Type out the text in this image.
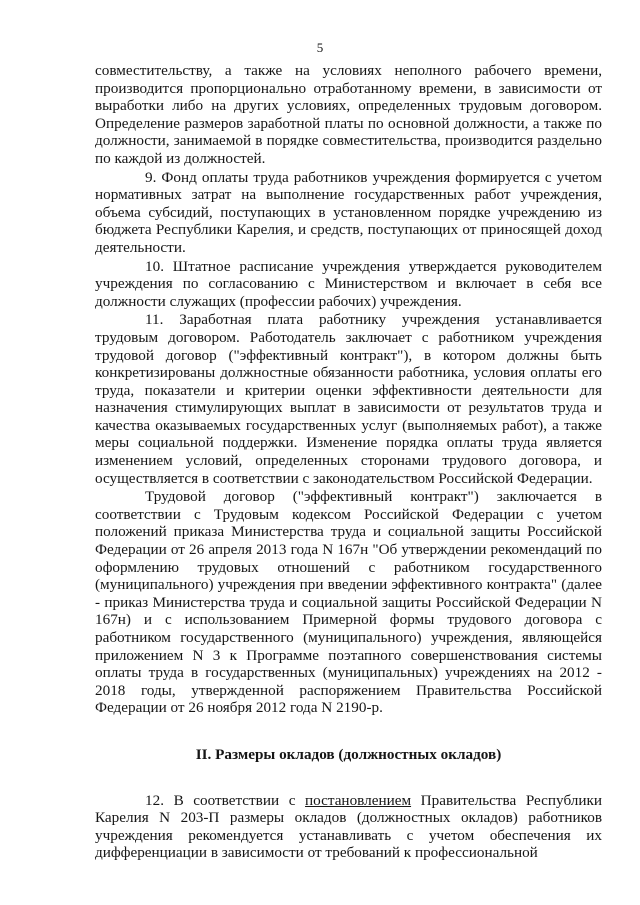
5

совместительству, а также на условиях неполного рабочего времени, производится пропорционально отработанному времени, в зависимости от выработки либо на других условиях, определенных трудовым договором. Определение размеров заработной платы по основной должности, а также по должности, занимаемой в порядке совместительства, производится раздельно по каждой из должностей.

9. Фонд оплаты труда работников учреждения формируется с учетом нормативных затрат на выполнение государственных работ учреждения, объема субсидий, поступающих в установленном порядке учреждению из бюджета Республики Карелия, и средств, поступающих от приносящей доход деятельности.

10. Штатное расписание учреждения утверждается руководителем учреждения по согласованию с Министерством и включает в себя все должности служащих (профессии рабочих) учреждения.

11. Заработная плата работнику учреждения устанавливается трудовым договором. Работодатель заключает с работником учреждения трудовой договор ("эффективный контракт"), в котором должны быть конкретизированы должностные обязанности работника, условия оплаты его труда, показатели и критерии оценки эффективности деятельности для назначения стимулирующих выплат в зависимости от результатов труда и качества оказываемых государственных услуг (выполняемых работ), а также меры социальной поддержки. Изменение порядка оплаты труда является изменением условий, определенных сторонами трудового договора, и осуществляется в соответствии с законодательством Российской Федерации.

Трудовой договор ("эффективный контракт") заключается в соответствии с Трудовым кодексом Российской Федерации с учетом положений приказа Министерства труда и социальной защиты Российской Федерации от 26 апреля 2013 года N 167н "Об утверждении рекомендаций по оформлению трудовых отношений с работником государственного (муниципального) учреждения при введении эффективного контракта" (далее - приказ Министерства труда и социальной защиты Российской Федерации N 167н) и с использованием Примерной формы трудового договора с работником государственного (муниципального) учреждения, являющейся приложением N 3 к Программе поэтапного совершенствования системы оплаты труда в государственных (муниципальных) учреждениях на 2012 - 2018 годы, утвержденной распоряжением Правительства Российской Федерации от 26 ноября 2012 года N 2190-р.

II. Размеры окладов (должностных окладов)

12. В соответствии с постановлением Правительства Республики Карелия N 203-П размеры окладов (должностных окладов) работников учреждения рекомендуется устанавливать с учетом обеспечения их дифференциации в зависимости от требований к профессиональной
